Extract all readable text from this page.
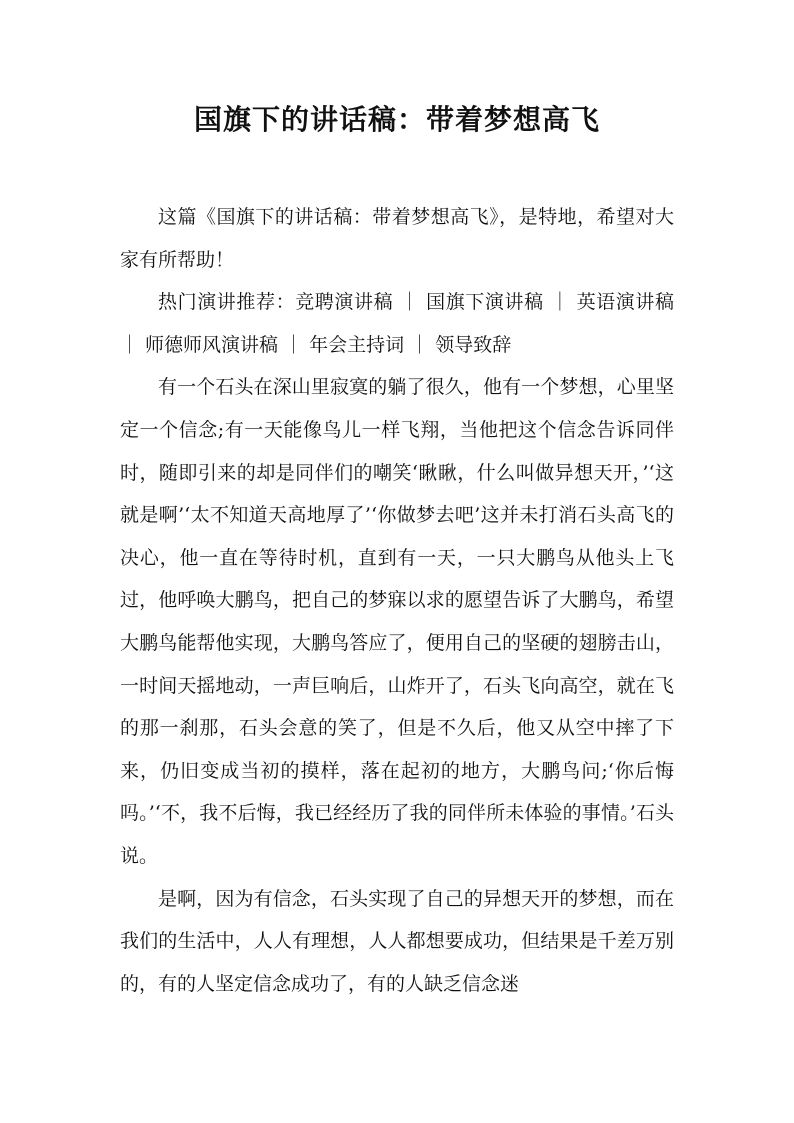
国旗下的讲话稿：带着梦想高飞

这篇《国旗下的讲话稿：带着梦想高飞》，是特地，希望对大家有所帮助！

热门演讲推荐：竞聘演讲稿 ｜ 国旗下演讲稿 ｜ 英语演讲稿 ｜ 师德师风演讲稿 ｜ 年会主持词 ｜ 领导致辞

有一个石头在深山里寂寞的躺了很久，他有一个梦想，心里坚定一个信念;有一天能像鸟儿一样飞翔，当他把这个信念告诉同伴时，随即引来的却是同伴们的嘲笑‘瞅瞅，什么叫做异想天开，’‘这就是啊’‘太不知道天高地厚了’‘你做梦去吧’这并未打消石头高飞的决心，他一直在等待时机，直到有一天，一只大鹏鸟从他头上飞过，他呼唤大鹏鸟，把自己的梦寐以求的愿望告诉了大鹏鸟，希望大鹏鸟能帮他实现，大鹏鸟答应了，便用自己的坚硬的翅膀击山，一时间天摇地动，一声巨响后，山炸开了，石头飞向高空，就在飞的那一刹那，石头会意的笑了，但是不久后，他又从空中摔了下来，仍旧变成当初的摸样，落在起初的地方，大鹏鸟问;‘你后悔吗。’‘不，我不后悔，我已经经历了我的同伴所未体验的事情。’石头说。

是啊，因为有信念，石头实现了自己的异想天开的梦想，而在我们的生活中，人人有理想，人人都想要成功，但结果是千差万别的，有的人坚定信念成功了，有的人缺乏信念迷
